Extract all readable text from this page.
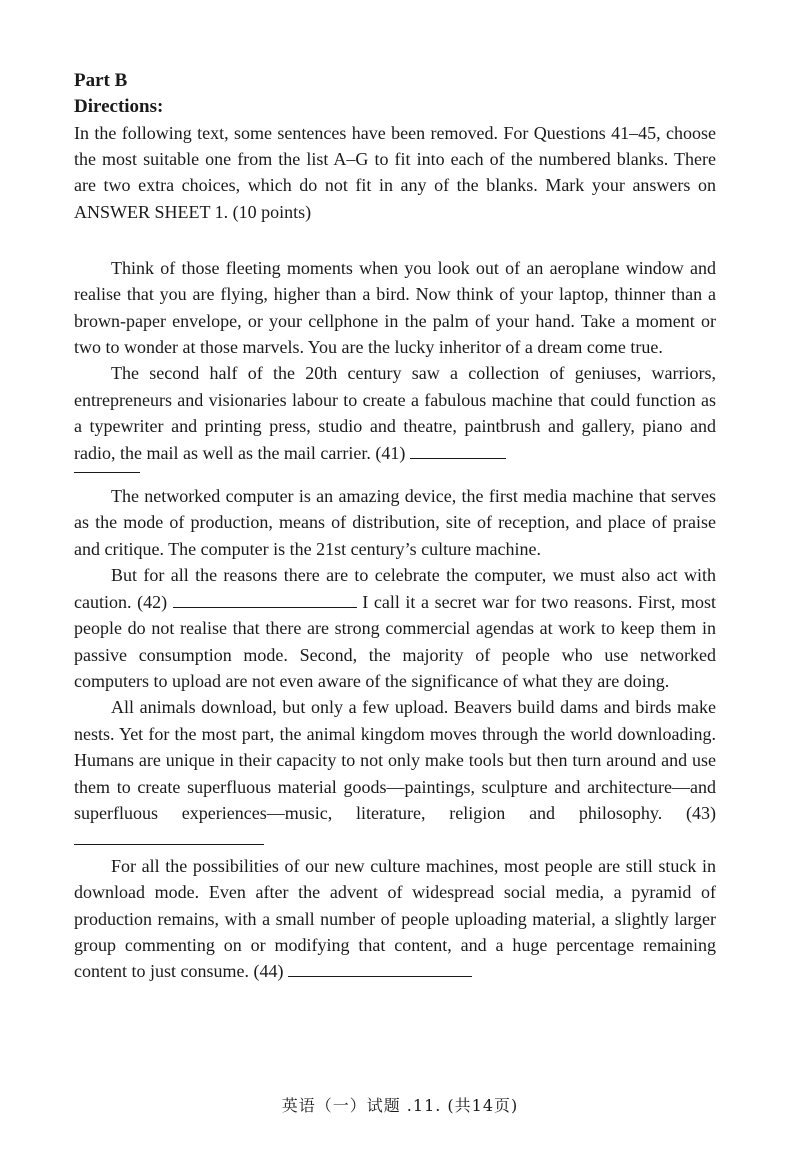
Part B

Directions:

In the following text, some sentences have been removed. For Questions 41–45, choose the most suitable one from the list A–G to fit into each of the numbered blanks. There are two extra choices, which do not fit in any of the blanks. Mark your answers on ANSWER SHEET 1. (10 points)

Think of those fleeting moments when you look out of an aeroplane window and realise that you are flying, higher than a bird. Now think of your laptop, thinner than a brown-paper envelope, or your cellphone in the palm of your hand. Take a moment or two to wonder at those marvels. You are the lucky inheritor of a dream come true.

The second half of the 20th century saw a collection of geniuses, warriors, entrepreneurs and visionaries labour to create a fabulous machine that could function as a typewriter and printing press, studio and theatre, paintbrush and gallery, piano and radio, the mail as well as the mail carrier. (41)

The networked computer is an amazing device, the first media machine that serves as the mode of production, means of distribution, site of reception, and place of praise and critique. The computer is the 21st century’s culture machine.

But for all the reasons there are to celebrate the computer, we must also act with caution. (42)	I call it a secret war for two reasons. First, most people do not realise that there are strong commercial agendas at work to keep them in passive consumption mode. Second, the majority of people who use networked computers to upload are not even aware of the significance of what they are doing.

All animals download, but only a few upload. Beavers build dams and birds make nests. Yet for the most part, the animal kingdom moves through the world downloading. Humans are unique in their capacity to not only make tools but then turn around and use them to create superfluous material goods—paintings, sculpture and architecture—and superfluous experiences—music, literature, religion and philosophy. (43)

For all the possibilities of our new culture machines, most people are still stuck in download mode. Even after the advent of widespread social media, a pyramid of production remains, with a small number of people uploading material, a slightly larger group commenting on or modifying that content, and a huge percentage remaining content to just consume. (44)

英语（一）试题 .11. (共14页)
